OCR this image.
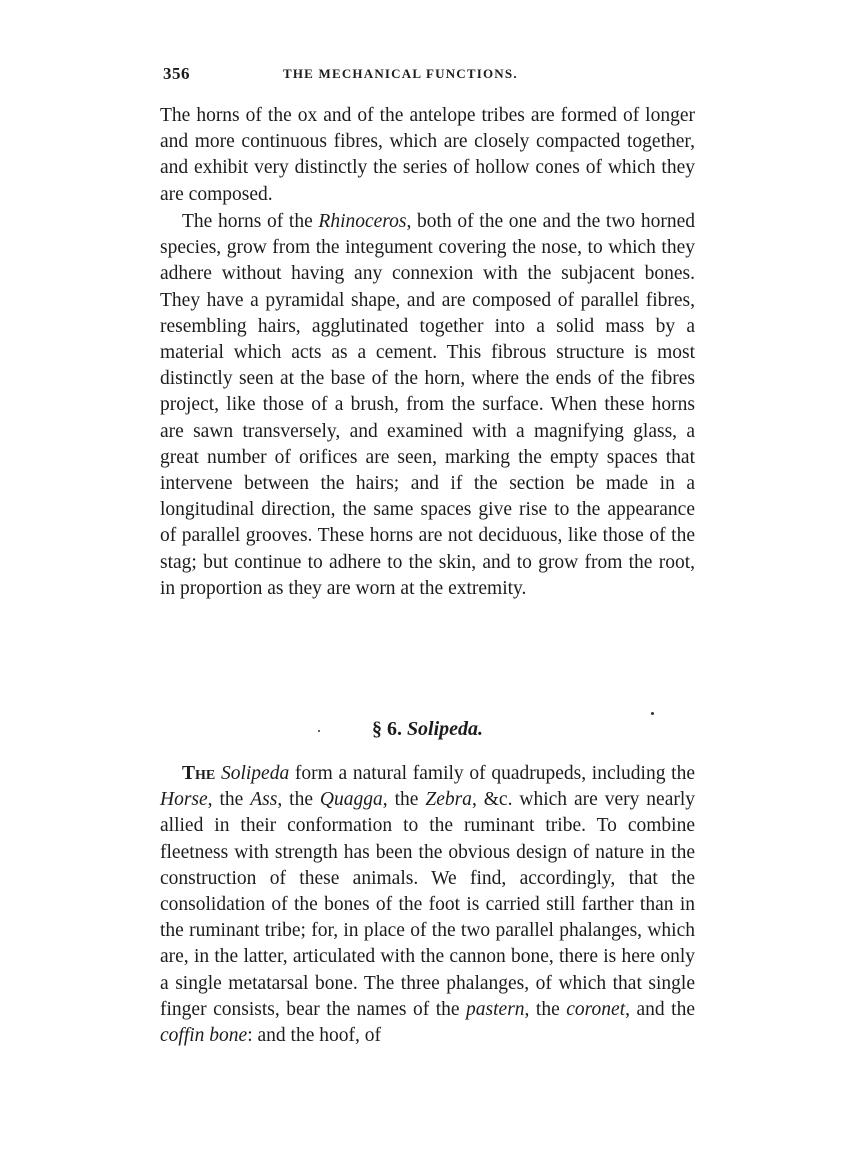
356	THE MECHANICAL FUNCTIONS.

The horns of the ox and of the antelope tribes are formed of longer and more continuous fibres, which are closely compacted together, and exhibit very distinctly the series of hollow cones of which they are composed.

The horns of the Rhinoceros, both of the one and the two horned species, grow from the integument covering the nose, to which they adhere without having any connexion with the subjacent bones. They have a pyramidal shape, and are composed of parallel fibres, resembling hairs, agglutinated together into a solid mass by a material which acts as a cement. This fibrous structure is most distinctly seen at the base of the horn, where the ends of the fibres project, like those of a brush, from the surface. When these horns are sawn transversely, and examined with a magnifying glass, a great number of orifices are seen, marking the empty spaces that intervene between the hairs; and if the section be made in a longitudinal direction, the same spaces give rise to the appearance of parallel grooves. These horns are not deciduous, like those of the stag; but continue to adhere to the skin, and to grow from the root, in proportion as they are worn at the extremity.

§ 6. Solipeda.

The Solipeda form a natural family of quadrupeds, including the Horse, the Ass, the Quagga, the Zebra, &c. which are very nearly allied in their conformation to the ruminant tribe. To combine fleetness with strength has been the obvious design of nature in the construction of these animals. We find, accordingly, that the consolidation of the bones of the foot is carried still farther than in the ruminant tribe; for, in place of the two parallel phalanges, which are, in the latter, articulated with the cannon bone, there is here only a single metatarsal bone. The three phalanges, of which that single finger consists, bear the names of the pastern, the coronet, and the coffin bone: and the hoof, of
